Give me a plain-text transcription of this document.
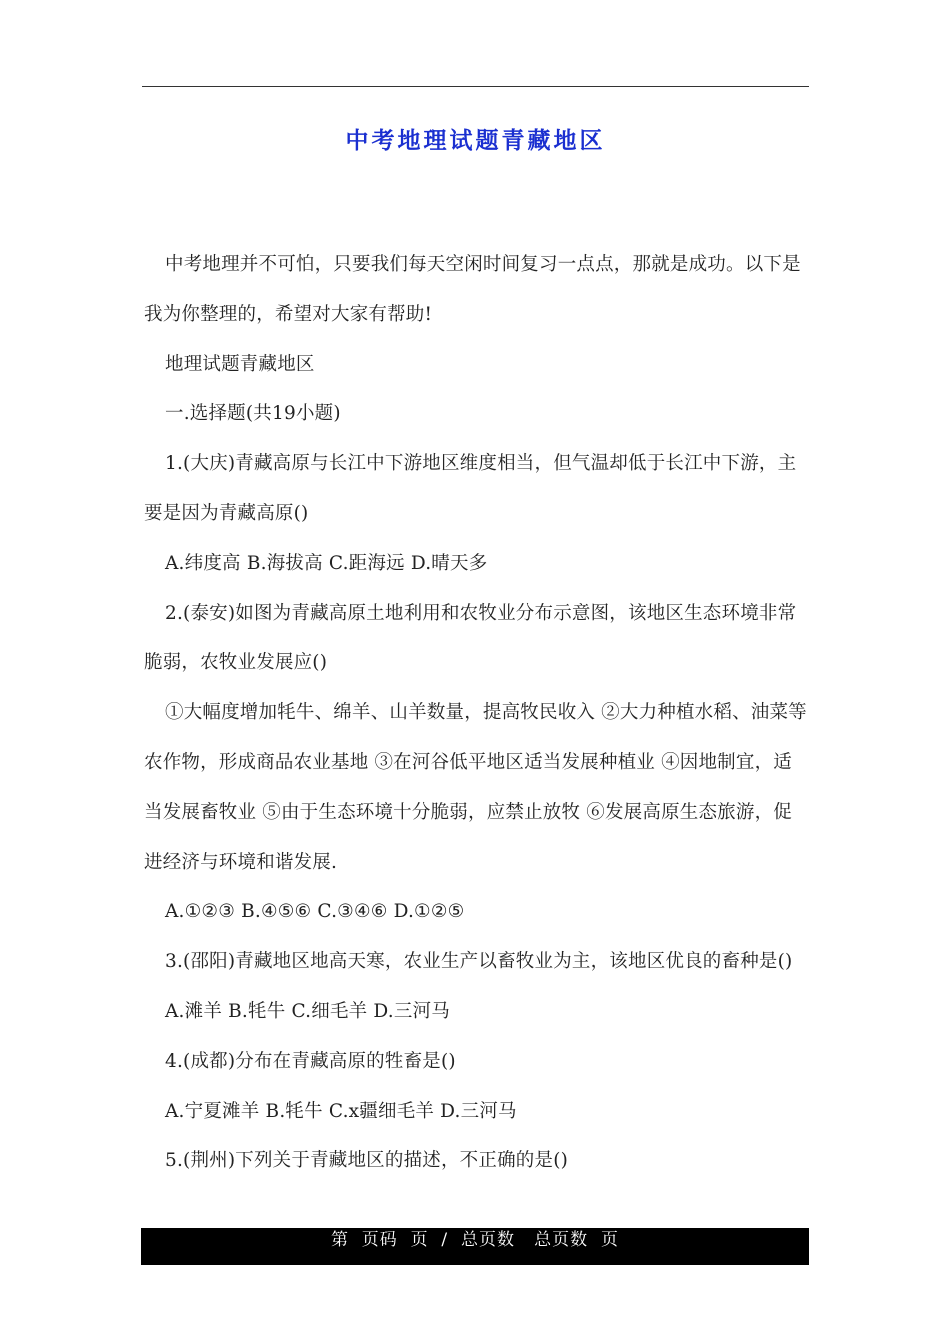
中考地理试题青藏地区

中考地理并不可怕，只要我们每天空闲时间复习一点点，那就是成功。以下是我为你整理的，希望对大家有帮助!

地理试题青藏地区

一.选择题(共19小题)

1.(大庆)青藏高原与长江中下游地区维度相当，但气温却低于长江中下游，主要是因为青藏高原()

A.纬度高 B.海拔高 C.距海远 D.晴天多

2.(泰安)如图为青藏高原土地利用和农牧业分布示意图，该地区生态环境非常脆弱，农牧业发展应()

①大幅度增加牦牛、绵羊、山羊数量，提高牧民收入 ②大力种植水稻、油菜等农作物，形成商品农业基地 ③在河谷低平地区适当发展种植业 ④因地制宜，适当发展畜牧业 ⑤由于生态环境十分脆弱，应禁止放牧 ⑥发展高原生态旅游，促进经济与环境和谐发展.

A.①②③ B.④⑤⑥ C.③④⑥ D.①②⑤

3.(邵阳)青藏地区地高天寒，农业生产以畜牧业为主，该地区优良的畜种是()

A.滩羊 B.牦牛 C.细毛羊 D.三河马

4.(成都)分布在青藏高原的牲畜是()

A.宁夏滩羊 B.牦牛 C.x疆细毛羊 D.三河马

5.(荆州)下列关于青藏地区的描述，不正确的是()

第  页码  页  /  总页数   总页数  页
